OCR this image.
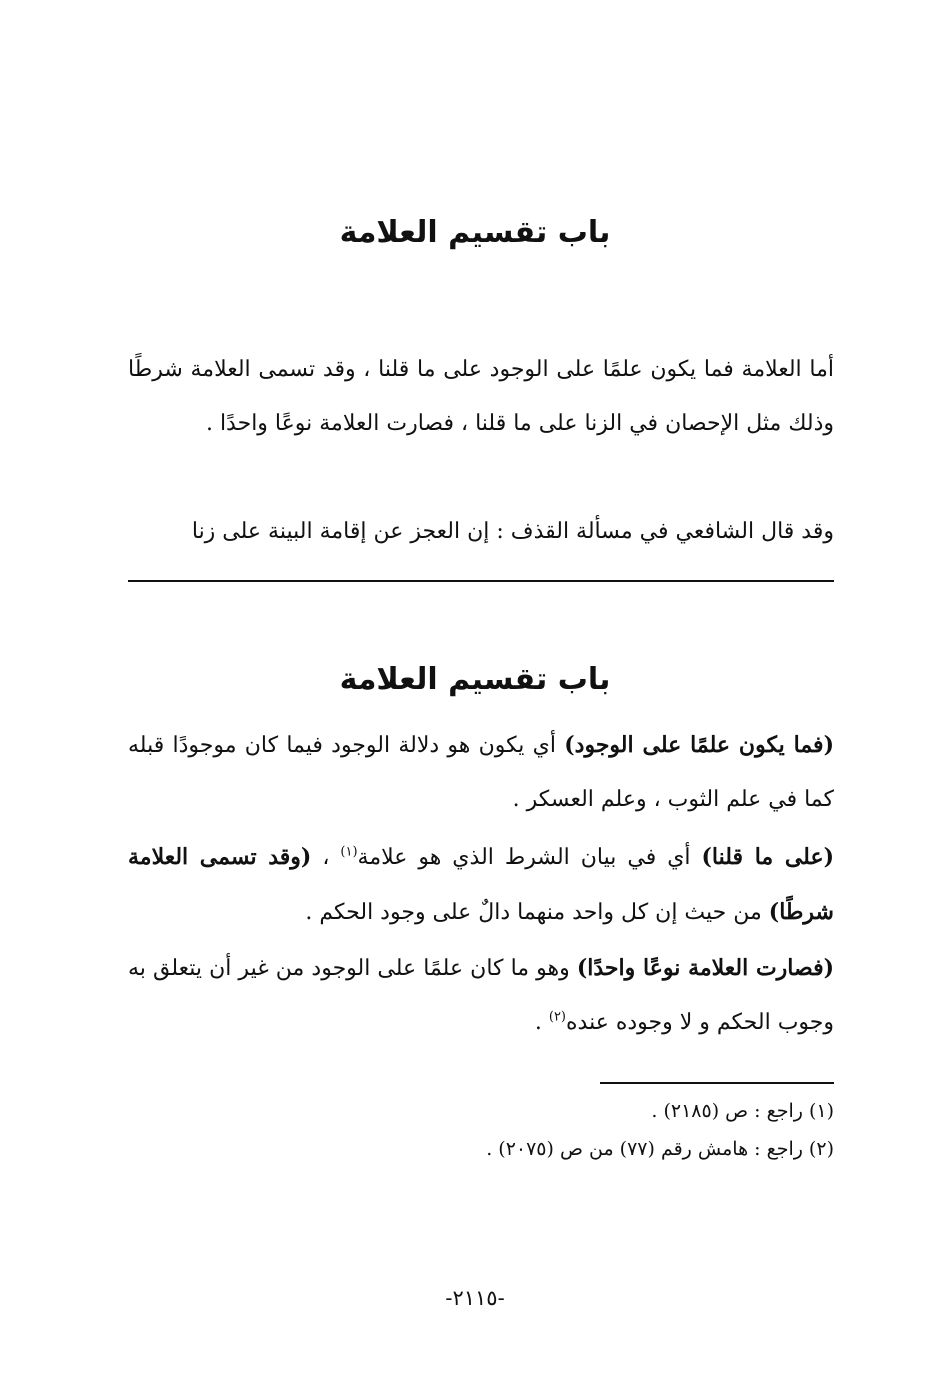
باب تقسيم العلامة

أما العلامة فما يكون علمًا على الوجود على ما قلنا ، وقد تسمى العلامة شرطًا وذلك مثل الإحصان في الزنا على ما قلنا ، فصارت العلامة نوعًا واحدًا .

وقد قال الشافعي في مسألة القذف : إن العجز عن إقامة البينة على زنا

باب تقسيم العلامة

(فما يكون علمًا على الوجود) أي يكون هو دلالة الوجود فيما كان موجودًا قبله كما في علم الثوب ، وعلم العسكر .

(على ما قلنا) أي في بيان الشرط الذي هو علامة$^{(١)}$ ، (وقد تسمى العلامة شرطًا) من حيث إن كل واحد منهما دالٌ على وجود الحكم .

(فصارت العلامة نوعًا واحدًا) وهو ما كان علمًا على الوجود من غير أن يتعلق به وجوب الحكم و لا وجوده عنده$^{(٢)}$ .

(١) راجع : ص (٢١٨٥) .
(٢) راجع : هامش رقم (٧٧) من ص (٢٠٧٥) .
-٢١١٥-
